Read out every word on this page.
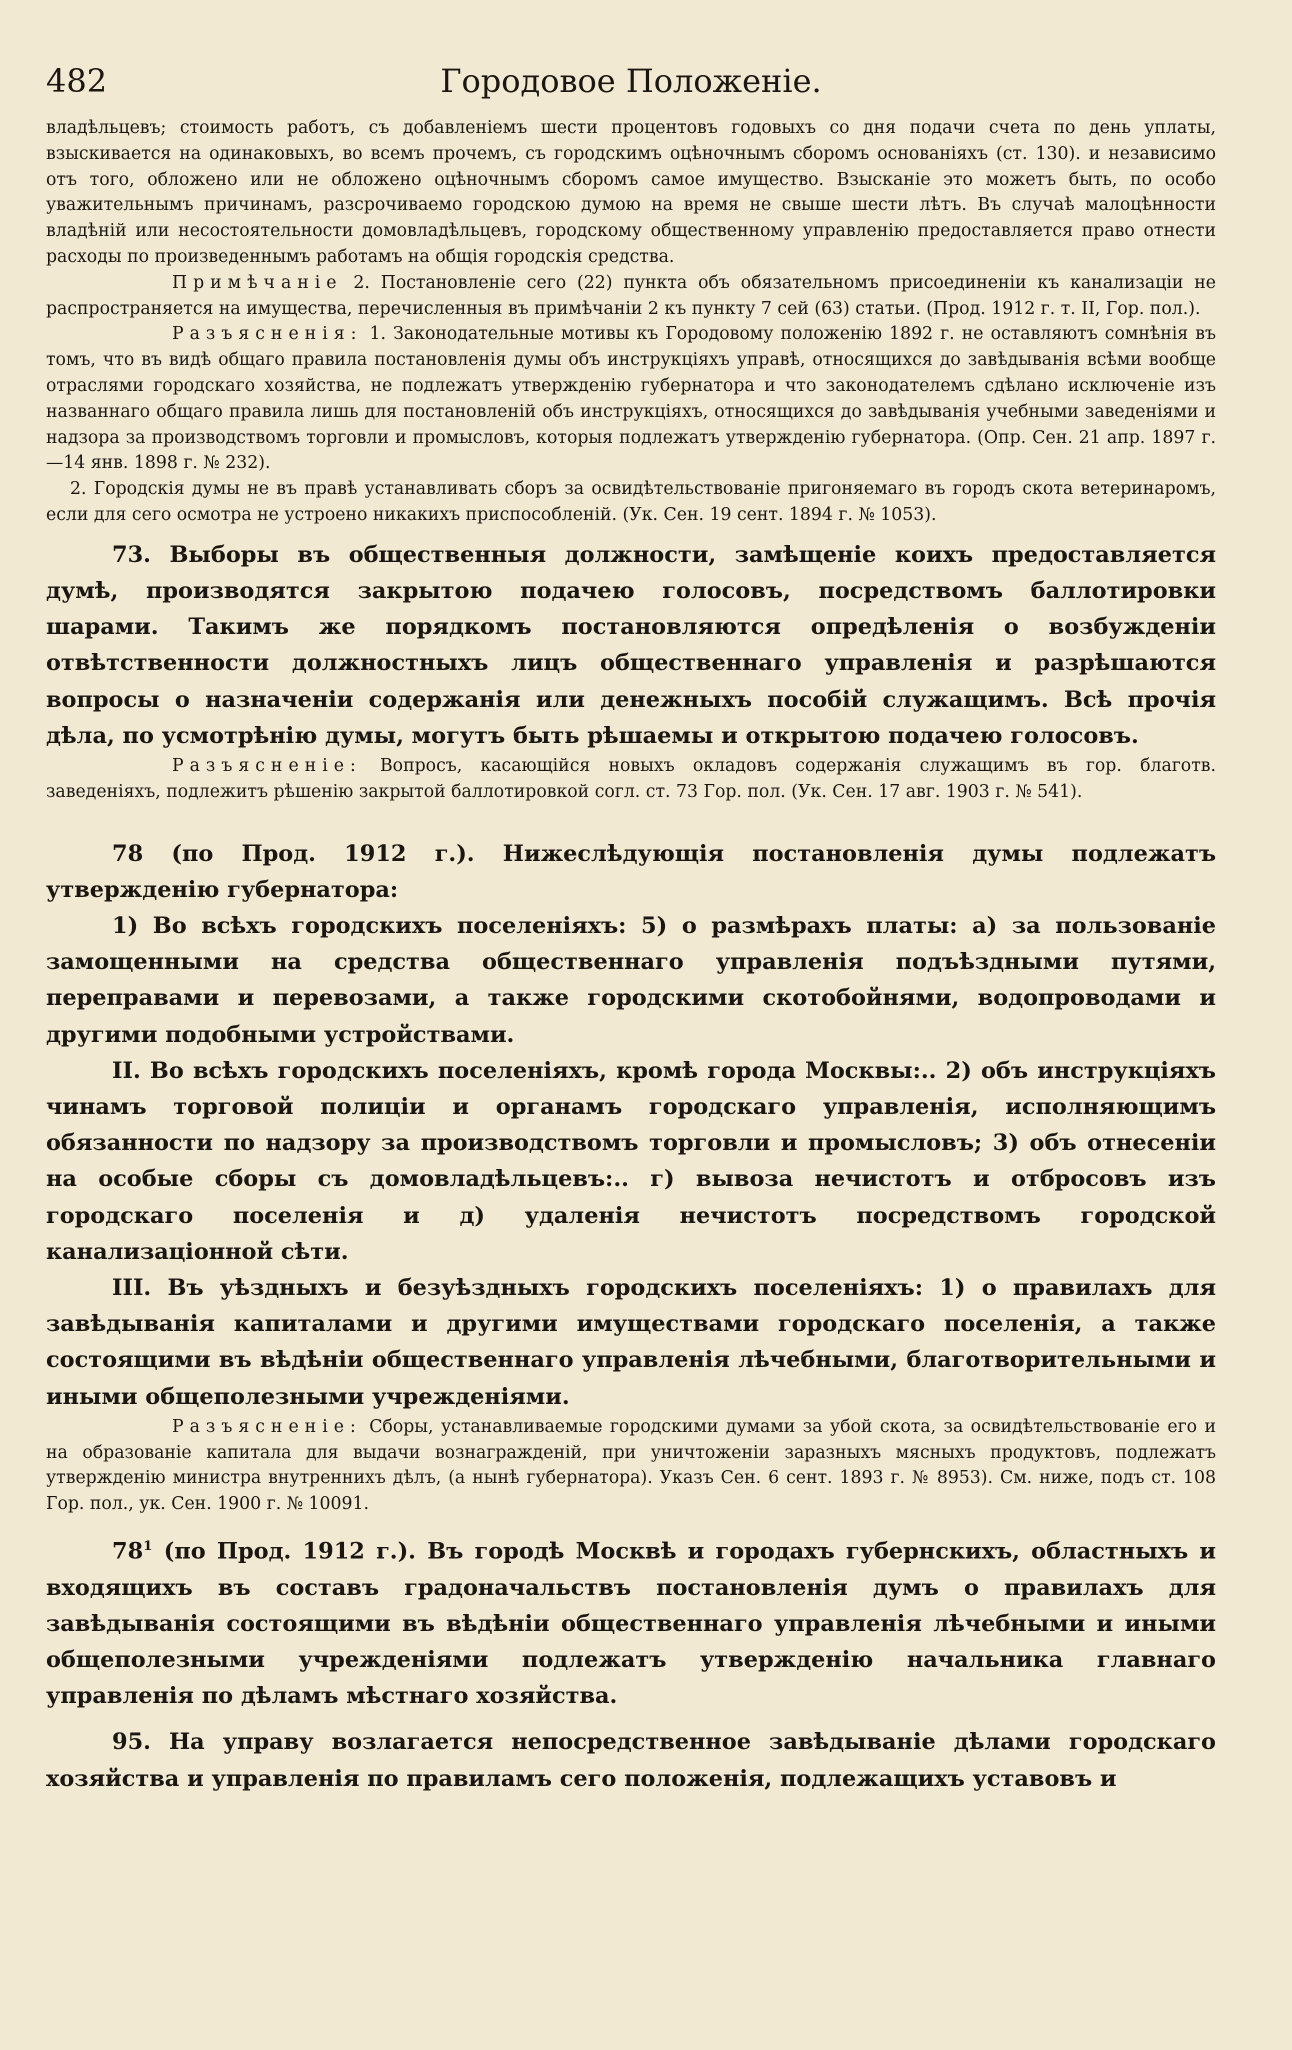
482	Городовое Положеніе.

владѣльцевъ; стоимость работъ, съ добавленіемъ шести процентовъ годовыхъ со дня подачи счета по день уплаты, взыскивается на одинаковыхъ, во всемъ прочемъ, съ городскимъ оцѣночнымъ сборомъ основаніяхъ (ст. 130). и независимо отъ того, обложено или не обложено оцѣночнымъ сборомъ самое имущество. Взысканіе это можетъ быть, по особо уважительнымъ причинамъ, разсрочиваемо городскою думою на время не свыше шести лѣтъ. Въ случаѣ малоцѣнности владѣній или несостоятельности домовладѣльцевъ, городскому общественному управленію предоставляется право отнести расходы по произведеннымъ работамъ на общія городскія средства.

Примѣчаніе 2. Постановленіе сего (22) пункта объ обязательномъ присоединеніи къ канализаціи не распространяется на имущества, перечисленныя въ примѣчаніи 2 къ пункту 7 сей (63) статьи. (Прод. 1912 г. т. II, Гор. пол.).

Разъясненія: 1. Законодательные мотивы къ Городовому положенію 1892 г. не оставляютъ сомнѣнія въ томъ, что въ видѣ общаго правила постановленія думы объ инструкціяхъ управѣ, относящихся до завѣдыванія всѣми вообще отраслями городскаго хозяйства, не подлежатъ утвержденію губернатора и что законодателемъ сдѣлано исключеніе изъ названнаго общаго правила лишь для постановленій объ инструкціяхъ, относящихся до завѣдыванія учебными заведеніями и надзора за производствомъ торговли и промысловъ, которыя подлежатъ утвержденію губернатора. (Опр. Сен. 21 апр. 1897 г.—14 янв. 1898 г. № 232).

2. Городскія думы не въ правѣ устанавливать сборъ за освидѣтельствованіе пригоняемаго въ городъ скота ветеринаромъ, если для сего осмотра не устроено никакихъ приспособленій. (Ук. Сен. 19 сент. 1894 г. № 1053).

73. Выборы въ общественныя должности, замѣщеніе коихъ предоставляется думѣ, производятся закрытою подачею голосовъ, посредствомъ баллотировки шарами. Такимъ же порядкомъ постановляются опредѣленія о возбужденіи отвѣтственности должностныхъ лицъ общественнаго управленія и разрѣшаются вопросы о назначеніи содержанія или денежныхъ пособій служащимъ. Всѣ прочія дѣла, по усмотрѣнію думы, могутъ быть рѣшаемы и открытою подачею голосовъ.

Разъясненіе: Вопросъ, касающійся новыхъ окладовъ содержанія служащимъ въ гор. благотв. заведеніяхъ, подлежитъ рѣшенію закрытой баллотировкой согл. ст. 73 Гор. пол. (Ук. Сен. 17 авг. 1903 г. № 541).

78 (по Прод. 1912 г.). Нижеслѣдующія постановленія думы подлежатъ утвержденію губернатора:

1) Во всѣхъ городскихъ поселеніяхъ: 5) о размѣрахъ платы: а) за пользованіе замощенными на средства общественнаго управленія подъѣздными путями, переправами и перевозами, а также городскими скотобойнями, водопроводами и другими подобными устройствами.

II. Во всѣхъ городскихъ поселеніяхъ, кромѣ города Москвы:.. 2) объ инструкціяхъ чинамъ торговой полиціи и органамъ городскаго управленія, исполняющимъ обязанности по надзору за производствомъ торговли и промысловъ; 3) объ отнесеніи на особые сборы съ домовладѣльцевъ:.. г) вывоза нечистотъ и отбросовъ изъ городскаго поселенія и д) удаленія нечистотъ посредствомъ городской канализаціонной сѣти.

III. Въ уѣздныхъ и безуѣздныхъ городскихъ поселеніяхъ: 1) о правилахъ для завѣдыванія капиталами и другими имуществами городскаго поселенія, а также состоящими въ вѣдѣніи общественнаго управленія лѣчебными, благотворительными и иными общеполезными учрежденіями.

Разъясненіе: Сборы, устанавливаемые городскими думами за убой скота, за освидѣтельствованіе его и на образованіе капитала для выдачи вознагражденій, при уничтоженіи заразныхъ мясныхъ продуктовъ, подлежатъ утвержденію министра внутреннихъ дѣлъ, (а нынѣ губернатора). Указъ Сен. 6 сент. 1893 г. № 8953). См. ниже, подъ ст. 108 Гор. пол., ук. Сен. 1900 г. № 10091.

$78^1$ (по Прод. 1912 г.). Въ городѣ Москвѣ и городахъ губернскихъ, областныхъ и входящихъ въ составъ градоначальствъ постановленія думъ о правилахъ для завѣдыванія состоящими въ вѣдѣніи общественнаго управленія лѣчебными и иными общеполезными учрежденіями подлежатъ утвержденію начальника главнаго управленія по дѣламъ мѣстнаго хозяйства.

95. На управу возлагается непосредственное завѣдываніе дѣлами городскаго хозяйства и управленія по правиламъ сего положенія, подлежащихъ уставовъ и
